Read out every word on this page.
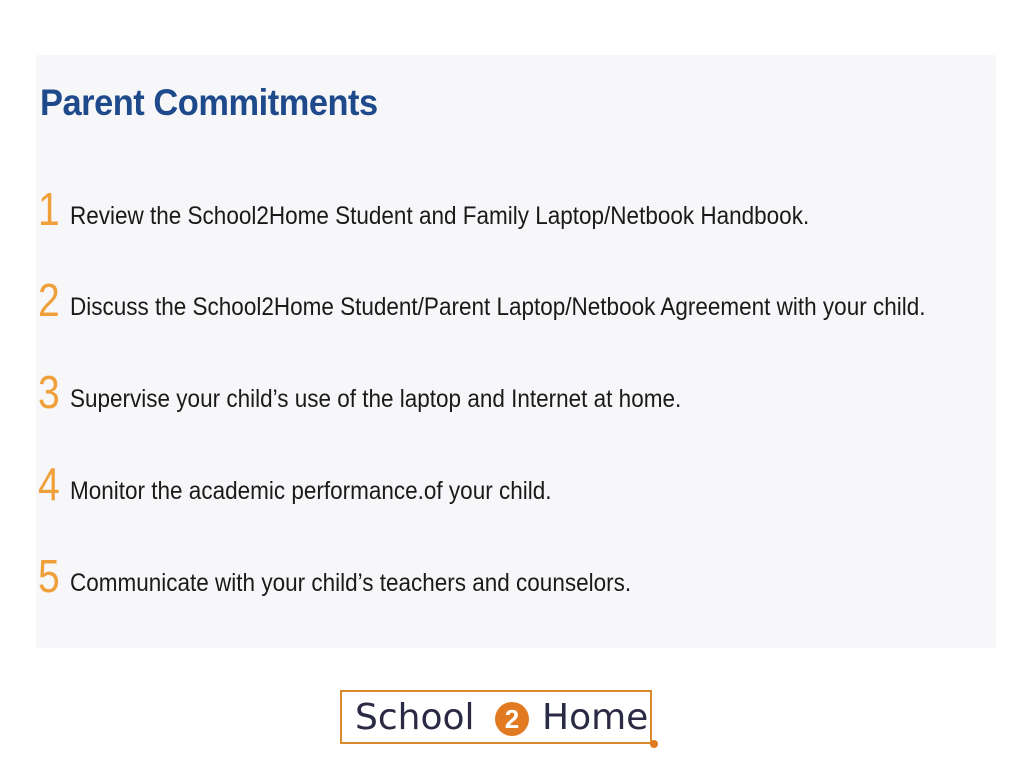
Parent Commitments
1 Review the School2Home Student and Family Laptop/Netbook Handbook.
2 Discuss the School2Home Student/Parent Laptop/Netbook Agreement with your child.
3 Supervise your child’s use of the laptop and Internet at home.
4 Monitor the academic performance.of your child.
5 Communicate with your child’s teachers and counselors.
School	2 Home
